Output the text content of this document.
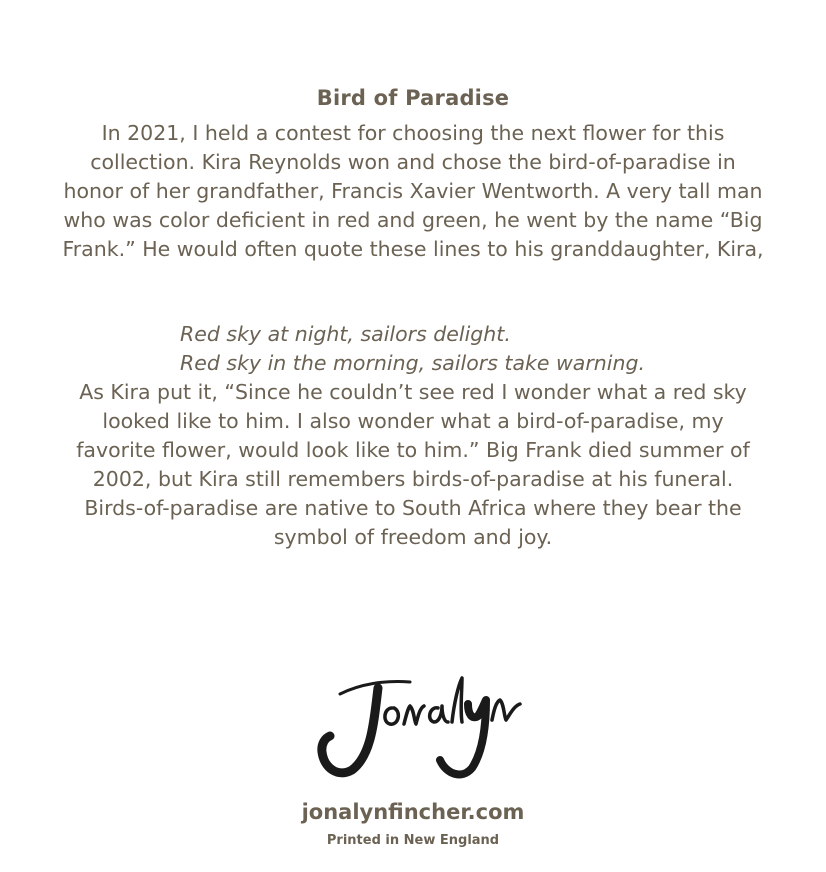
Bird of Paradise

In 2021, I held a contest for choosing the next flower for this collection. Kira Reynolds won and chose the bird-of-paradise in honor of her grandfather, Francis Xavier Wentworth. A very tall man who was color deficient in red and green, he went by the name “Big Frank.” He would often quote these lines to his granddaughter, Kira,

Red sky at night, sailors delight.
Red sky in the morning, sailors take warning.

As Kira put it, “Since he couldn’t see red I wonder what a red sky looked like to him. I also wonder what a bird-of-paradise, my favorite flower, would look like to him.” Big Frank died summer of 2002, but Kira still remembers birds-of-paradise at his funeral. Birds-of-paradise are native to South Africa where they bear the symbol of freedom and joy.

jonalynfincher.com
Printed in New England
